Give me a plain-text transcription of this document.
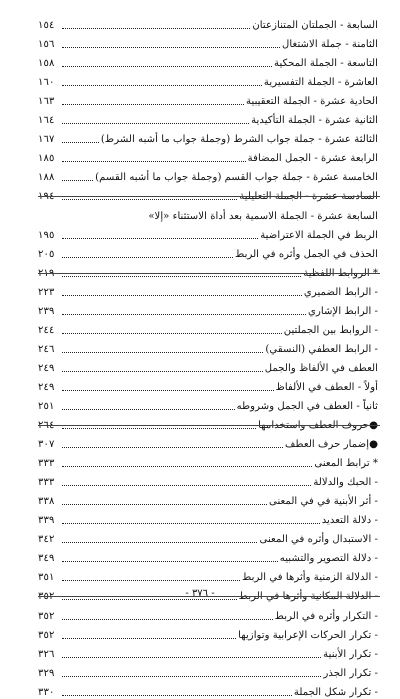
السابعة - الجملتان المتنازعتان
١٥٤
الثامنة - جملة الاشتغال
١٥٦
التاسعة - الجملة المحكية
١٥٨
العاشرة - الجملة التفسيرية
١٦٠
الحادية عشرة - الجملة التعقيبية
١٦٣
الثانية عشرة - الجملة التأكيدية
١٦٤
الثالثة عشرة - جملة جواب الشرط (وجملة جواب ما أشبه الشرط)
١٦٧
الرابعة عشرة - الجمل المضافة
١٨٥
الخامسة عشرة - جملة جواب القسم (وجملة جواب ما أشبه القسم)
١٨٨
السادسة عشرة - الجملة التعليلية
١٩٤
السابعة عشرة - الجملة الاسمية بعد أداة الاستثناء «إلا»
الربط في الجملة الاعتراضية
١٩٥
الحذف في الجمل وأثره في الربط
٢٠٥
* الروابط اللفظية
٢١٩
- الرابط الضميري
٢٢٣
- الرابط الإشاري
٢٣٩
- الروابط بين الجملتين
٢٤٤
- الرابط العطفي (النسقي)
٢٤٦
العطف في الألفاظ والجمل
٢٤٩
أولاً - العطف في الألفاظ
٢٤٩
ثانياً - العطف في الجمل وشروطه
٢٥١
●حروف العطف واستخدامها
٢٦٤
●إضمار حرف العطف
٣٠٧
* ترابط المعنى
٣٣٣
- الحبك والدلالة
٣٣٣
- أثر الأبنية في في المعنى
٣٣٨
- دلالة التعديد
٣٣٩
- الاستبدال وأثره في المعنى
٣٤٢
- دلالة التصوير والتشبيه
٣٤٩
- الدلالة الزمنية وأثرها في الربط
٣٥١
- الدلالة المكانية وأثرها في الربط
٣٥٢
- التكرار وأثره في الربط
٣٥٢
- تكرار الحركات الإعرابية وتوازيها
٣٥٢
- تكرار الأبنية
٣٢٦
- تكرار الجذر
٣٢٩
- تكرار شكل الجملة
٣٣٠
- ٣٧٦ -
